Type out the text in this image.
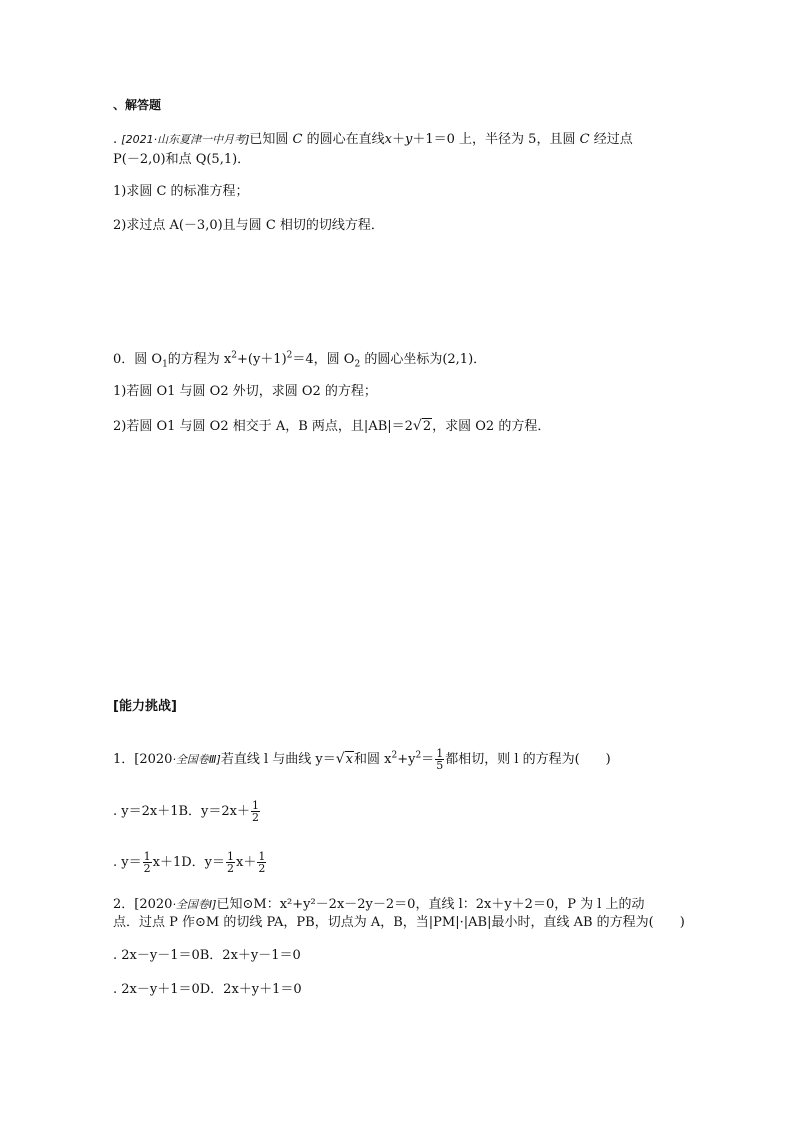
、解答题
. [2021·山东夏津一中月考]已知圆 C 的圆心在直线x＋y＋1＝0 上，半径为 5，且圆 C 经过点
P(－2,0)和点 Q(5,1)．
1)求圆 C 的标准方程；
2)求过点 A(－3,0)且与圆 C 相切的切线方程．
0．圆 $O_1$的方程为 $x^2+(y+1)^2=4$，圆 $O_2$ 的圆心坐标为(2,1)．
1)若圆 O1 与圆 O2 外切，求圆 O2 的方程；
2)若圆 O1 与圆 O2 相交于 A，B 两点，且|AB|＝2√2，求圆 O2 的方程．
[能力挑战]
1．[2020·全国卷Ⅲ]若直线 l 与曲线 y＝√x和圆 $x^2+y^2= \frac{1}{5}$ 都相切，则 l 的方程为(　　)
. y＝2x＋1B．$y=2x+ \frac{1}{2}$
. $y= \frac{1}{2} x+1D$．$y= \frac{1}{2} x+ \frac{1}{2}$
2．[2020·全国卷Ⅰ]已知⊙M：x²+y²－2x－2y－2＝0，直线 l：2x＋y＋2＝0，P 为 l 上的动
点．过点 P 作⊙M 的切线 PA，PB，切点为 A，B，当|PM|·|AB|最小时，直线 AB 的方程为(　　)
. 2x－y－1＝0B．2x＋y－1＝0
. 2x－y＋1＝0D．2x＋y＋1＝0
